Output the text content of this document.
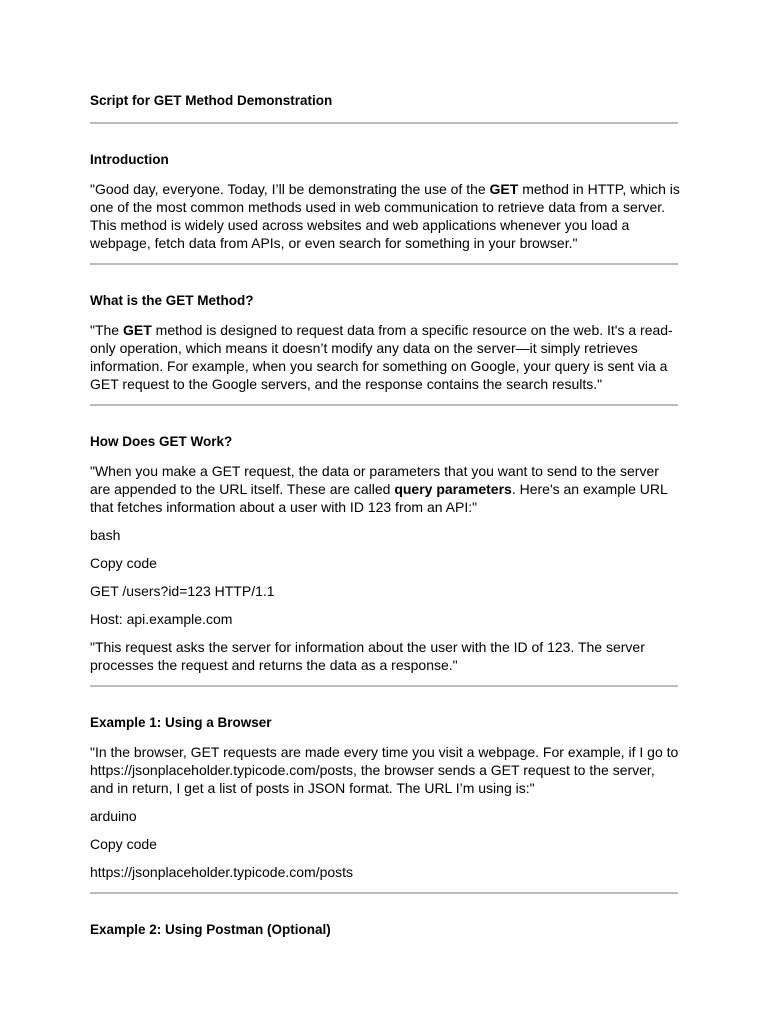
Script for GET Method Demonstration
Introduction

"Good day, everyone. Today, I’ll be demonstrating the use of the GET method in HTTP, which is one of the most common methods used in web communication to retrieve data from a server. This method is widely used across websites and web applications whenever you load a webpage, fetch data from APIs, or even search for something in your browser."

What is the GET Method?

"The GET method is designed to request data from a specific resource on the web. It's a read-only operation, which means it doesn’t modify any data on the server—it simply retrieves information. For example, when you search for something on Google, your query is sent via a GET request to the Google servers, and the response contains the search results."

How Does GET Work?

"When you make a GET request, the data or parameters that you want to send to the server are appended to the URL itself. These are called query parameters. Here's an example URL that fetches information about a user with ID 123 from an API:"

bash

Copy code

GET /users?id=123 HTTP/1.1

Host: api.example.com

"This request asks the server for information about the user with the ID of 123. The server processes the request and returns the data as a response."

Example 1: Using a Browser

"In the browser, GET requests are made every time you visit a webpage. For example, if I go to https://jsonplaceholder.typicode.com/posts, the browser sends a GET request to the server, and in return, I get a list of posts in JSON format. The URL I’m using is:"

arduino

Copy code

https://jsonplaceholder.typicode.com/posts

Example 2: Using Postman (Optional)
